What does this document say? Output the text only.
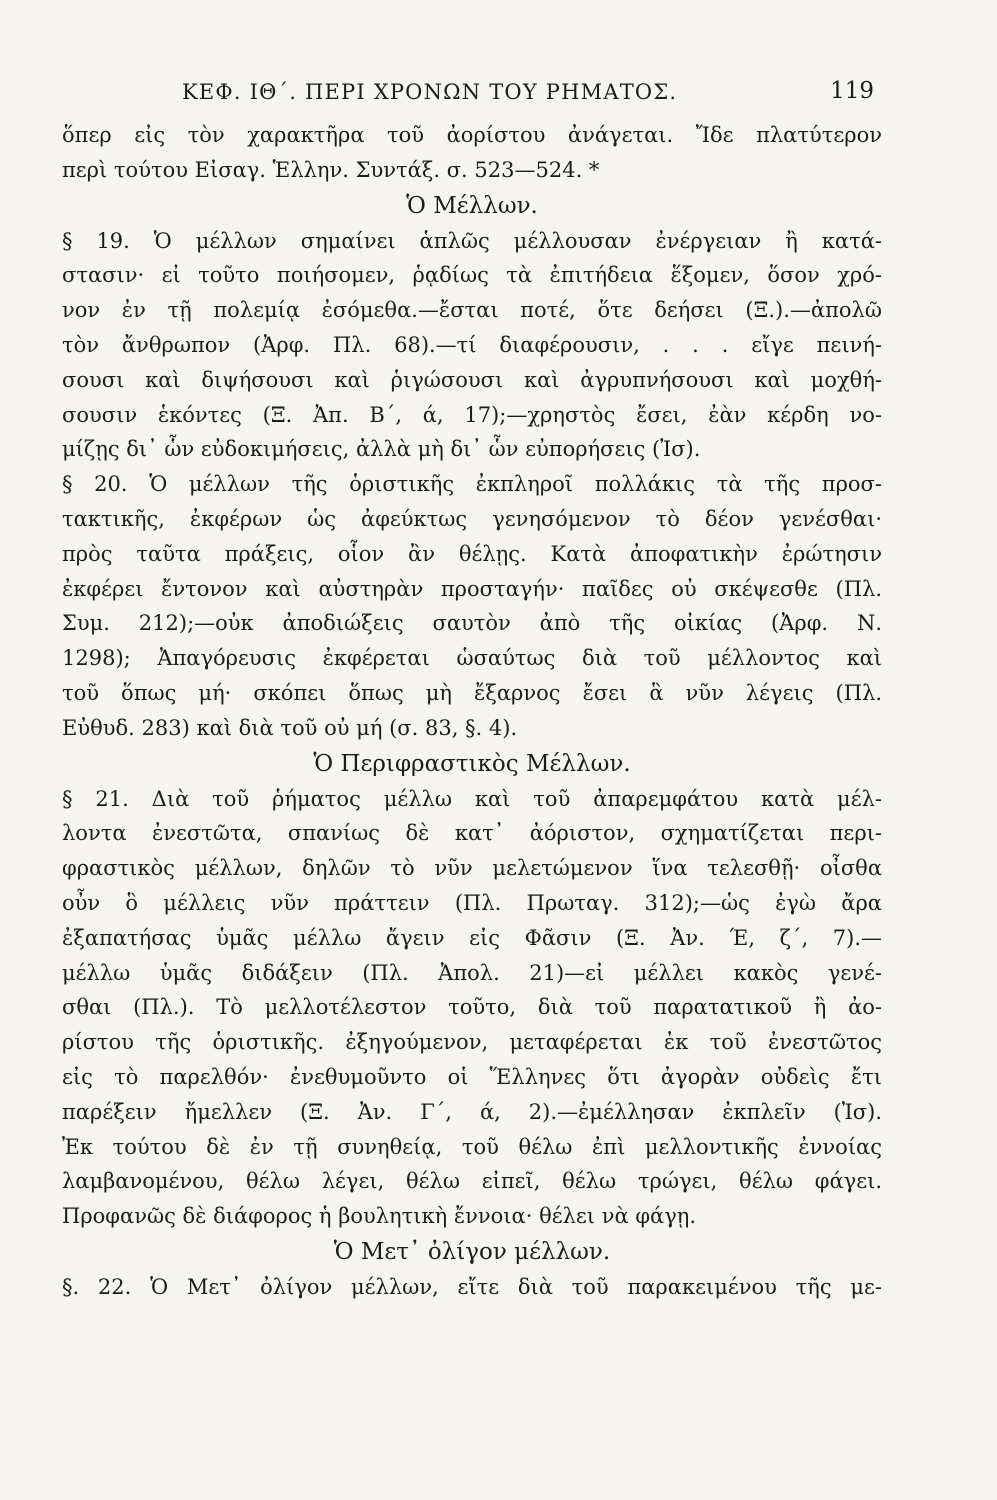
ΚΕΦ. ΙΘ΄. ΠΕΡΙ ΧΡΟΝΩΝ ΤΟΥ ΡΗΜΑΤΟΣ.	119
ὅπερ εἰς τὸν χαρακτῆρα τοῦ ἀορίστου ἀνάγεται. Ἴδε πλατύτερον
περὶ τούτου Εἰσαγ. Ἑλλην. Συντάξ. σ. 523—524. *
Ὁ Μέλλων.
§ 19. Ὁ μέλλων σημαίνει ἁπλῶς μέλλουσαν ἐνέργειαν ἢ κατά-
στασιν· εἰ τοῦτο ποιήσομεν, ῥᾳδίως τὰ ἐπιτήδεια ἕξομεν, ὅσον χρό-
νον ἐν τῇ πολεμίᾳ ἐσόμεθα.—ἔσται ποτέ, ὅτε δεήσει (Ξ.).—ἀπολῶ
τὸν ἄνθρωπον (Ἀρφ. Πλ. 68).—τί διαφέρουσιν, . . . εἴγε πεινή-
σουσι καὶ διψήσουσι καὶ ῥιγώσουσι καὶ ἀγρυπνήσουσι καὶ μοχθή-
σουσιν ἑκόντες (Ξ. Ἀπ. Β΄, ά, 17);—χρηστὸς ἔσει, ἐὰν κέρδη νο-
μίζῃς δι᾿ ὧν εὐδοκιμήσεις, ἀλλὰ μὴ δι᾿ ὧν εὐπορήσεις (Ἰσ).
§ 20. Ὁ μέλλων τῆς ὁριστικῆς ἐκπληροῖ πολλάκις τὰ τῆς προσ-
τακτικῆς, ἐκφέρων ὡς ἀφεύκτως γενησόμενον τὸ δέον γενέσθαι·
πρὸς ταῦτα πράξεις, οἷον ἂν θέλῃς. Κατὰ ἀποφατικὴν ἐρώτησιν
ἐκφέρει ἔντονον καὶ αὐστηρὰν προσταγήν· παῖδες οὐ σκέψεσθε (Πλ.
Συμ. 212);—οὐκ ἀποδιώξεις σαυτὸν ἀπὸ τῆς οἰκίας (Ἀρφ. Ν.
1298); Ἀπαγόρευσις ἐκφέρεται ὡσαύτως διὰ τοῦ μέλλοντος καὶ
τοῦ ὅπως μή· σκόπει ὅπως μὴ ἔξαρνος ἔσει ἃ νῦν λέγεις (Πλ.
Εὐθυδ. 283) καὶ διὰ τοῦ οὐ μή (σ. 83, §. 4).
Ὁ Περιφραστικὸς Μέλλων.
§ 21. Διὰ τοῦ ῥήματος μέλλω καὶ τοῦ ἀπαρεμφάτου κατὰ μέλ-
λοντα ἐνεστῶτα, σπανίως δὲ κατ᾿ ἀόριστον, σχηματίζεται περι-
φραστικὸς μέλλων, δηλῶν τὸ νῦν μελετώμενον ἵνα τελεσθῇ· οἶσθα
οὖν ὃ μέλλεις νῦν πράττειν (Πλ. Πρωταγ. 312);—ὡς ἐγὼ ἄρα
ἐξαπατήσας ὑμᾶς μέλλω ἄγειν εἰς Φᾶσιν (Ξ. Ἀν. Έ, ζ΄, 7).—
μέλλω ὑμᾶς διδάξειν (Πλ. Ἀπολ. 21)—εἰ μέλλει κακὸς γενέ-
σθαι (Πλ.). Τὸ μελλοτέλεστον τοῦτο, διὰ τοῦ παρατατικοῦ ἢ ἀο-
ρίστου τῆς ὁριστικῆς. ἐξηγούμενον, μεταφέρεται ἐκ τοῦ ἐνεστῶτος
εἰς τὸ παρελθόν· ἐνεθυμοῦντο οἱ Ἕλληνες ὅτι ἀγορὰν οὐδεὶς ἔτι
παρέξειν ἤμελλεν (Ξ. Ἀν. Γ΄, ά, 2).—ἐμέλλησαν ἐκπλεῖν (Ἰσ).
Ἐκ τούτου δὲ ἐν τῇ συνηθείᾳ, τοῦ θέλω ἐπὶ μελλοντικῆς ἐννοίας
λαμβανομένου, θέλω λέγει, θέλω εἰπεῖ, θέλω τρώγει, θέλω φάγει.
Προφανῶς δὲ διάφορος ἡ βουλητικὴ ἔννοια· θέλει νὰ φάγῃ.
Ὁ Μετ᾿ ὀλίγον μέλλων.
§. 22. Ὁ Μετ᾿ ὀλίγον μέλλων, εἴτε διὰ τοῦ παρακειμένου τῆς με-
